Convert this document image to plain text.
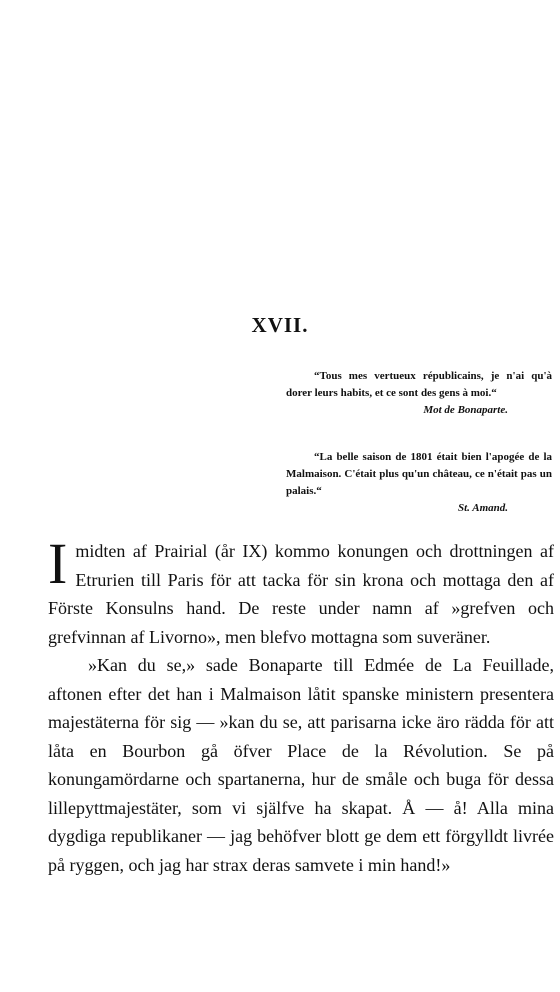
XVII.
“Tous mes vertueux républicains, je n'ai qu'à dorer leurs habits, et ce sont des gens à moi.“
Mot de Bonaparte.
“La belle saison de 1801 était bien l'apogée de la Malmaison. C'était plus qu'un château, ce n'était pas un palais.“
St. Amand.

Imidten af Prairial (år IX) kommo konungen och drottningen af Etrurien till Paris för att tacka för sin krona och mottaga den af Förste Konsulns hand. De reste under namn af »grefven och grefvinnan af Livorno», men blefvo mottagna som suveräner.

»Kan du se,» sade Bonaparte till Edmée de La Feuillade, aftonen efter det han i Malmaison låtit spanske ministern presentera majestäterna för sig — »kan du se, att parisarna icke äro rädda för att låta en Bourbon gå öfver Place de la Révolution. Se på konungamördarne och spartanerna, hur de småle och buga för dessa lillepyttmajestäter, som vi själfve ha skapat. Å — å! Alla mina dygdiga republikaner — jag behöfver blott ge dem ett förgylldt livrée på ryggen, och jag har strax deras samvete i min hand!»
